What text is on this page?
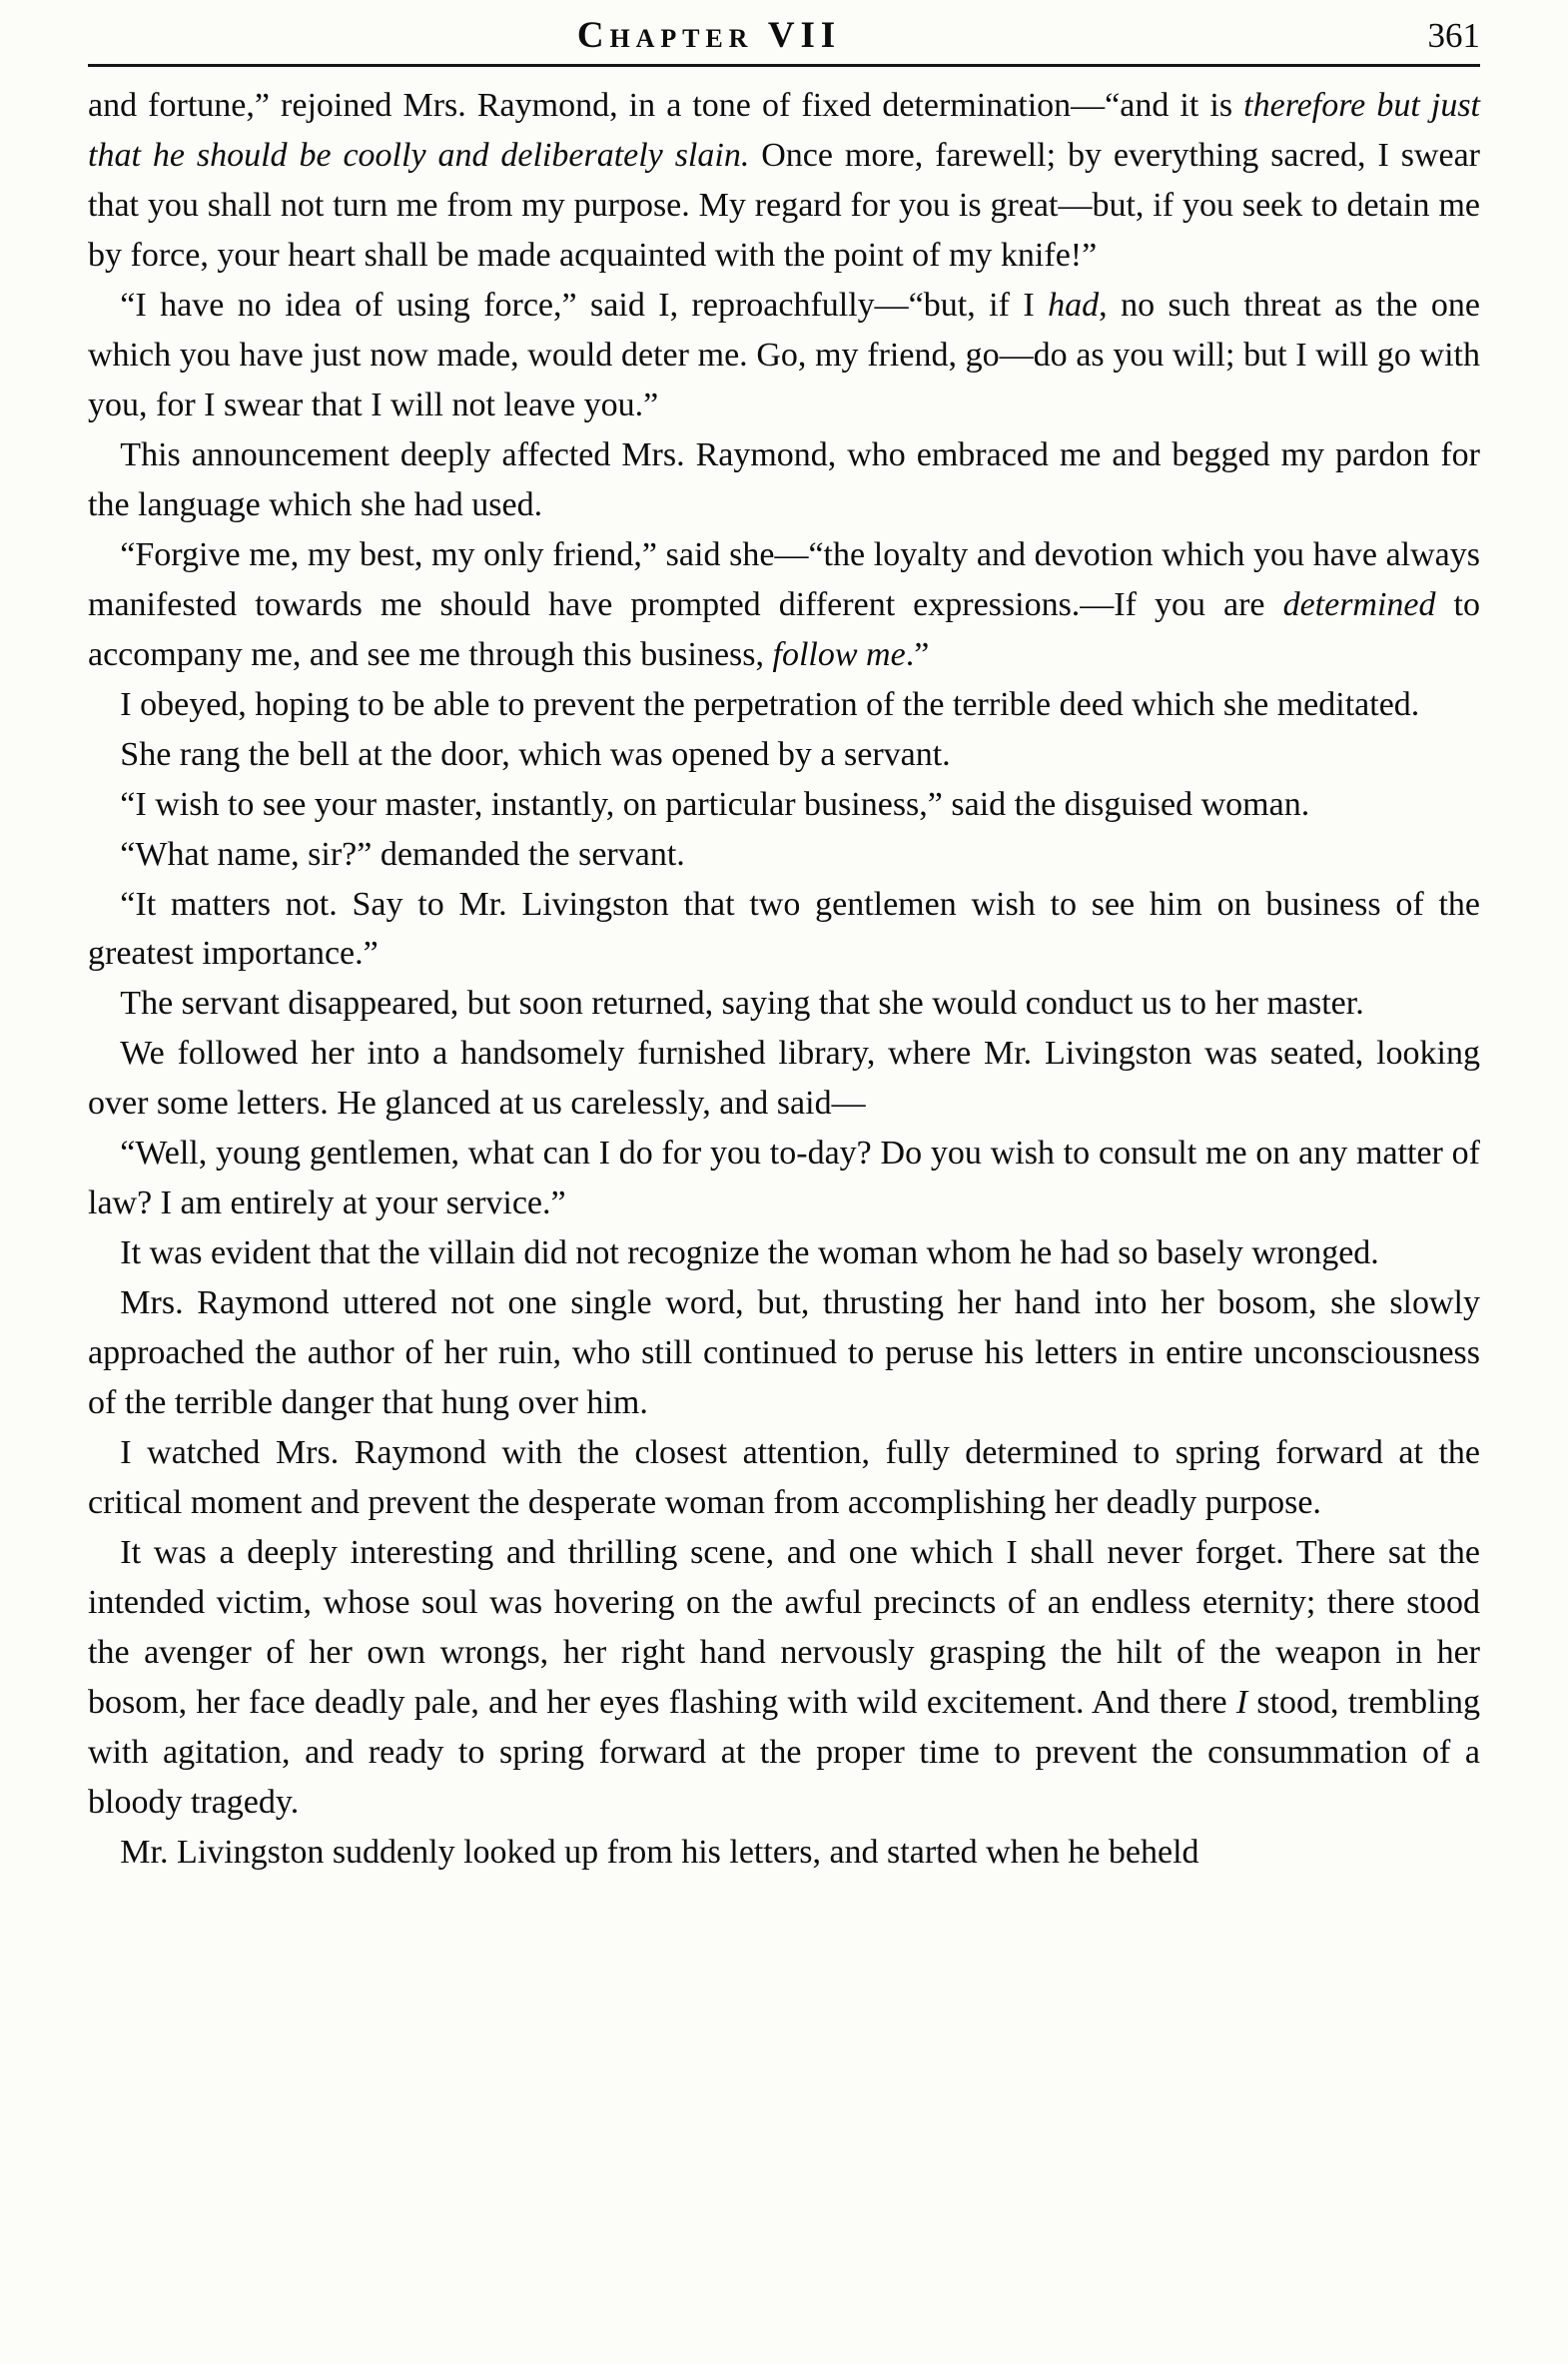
Chapter VII	361

and fortune,” rejoined Mrs. Raymond, in a tone of fixed determination—“and it is therefore but just that he should be coolly and deliberately slain. Once more, farewell; by everything sacred, I swear that you shall not turn me from my purpose. My regard for you is great—but, if you seek to detain me by force, your heart shall be made acquainted with the point of my knife!”

“I have no idea of using force,” said I, reproachfully—“but, if I had, no such threat as the one which you have just now made, would deter me. Go, my friend, go—do as you will; but I will go with you, for I swear that I will not leave you.”

This announcement deeply affected Mrs. Raymond, who embraced me and begged my pardon for the language which she had used.

“Forgive me, my best, my only friend,” said she—“the loyalty and devotion which you have always manifested towards me should have prompted different expressions.—If you are determined to accompany me, and see me through this business, follow me.”

I obeyed, hoping to be able to prevent the perpetration of the terrible deed which she meditated.

She rang the bell at the door, which was opened by a servant.

“I wish to see your master, instantly, on particular business,” said the disguised woman.

“What name, sir?” demanded the servant.

“It matters not. Say to Mr. Livingston that two gentlemen wish to see him on business of the greatest importance.”

The servant disappeared, but soon returned, saying that she would conduct us to her master.

We followed her into a handsomely furnished library, where Mr. Livingston was seated, looking over some letters. He glanced at us carelessly, and said—

“Well, young gentlemen, what can I do for you to-day? Do you wish to consult me on any matter of law? I am entirely at your service.”

It was evident that the villain did not recognize the woman whom he had so basely wronged.

Mrs. Raymond uttered not one single word, but, thrusting her hand into her bosom, she slowly approached the author of her ruin, who still continued to peruse his letters in entire unconsciousness of the terrible danger that hung over him.

I watched Mrs. Raymond with the closest attention, fully determined to spring forward at the critical moment and prevent the desperate woman from accomplishing her deadly purpose.

It was a deeply interesting and thrilling scene, and one which I shall never forget. There sat the intended victim, whose soul was hovering on the awful precincts of an endless eternity; there stood the avenger of her own wrongs, her right hand nervously grasping the hilt of the weapon in her bosom, her face deadly pale, and her eyes flashing with wild excitement. And there I stood, trembling with agitation, and ready to spring forward at the proper time to prevent the consummation of a bloody tragedy.

Mr. Livingston suddenly looked up from his letters, and started when he beheld
